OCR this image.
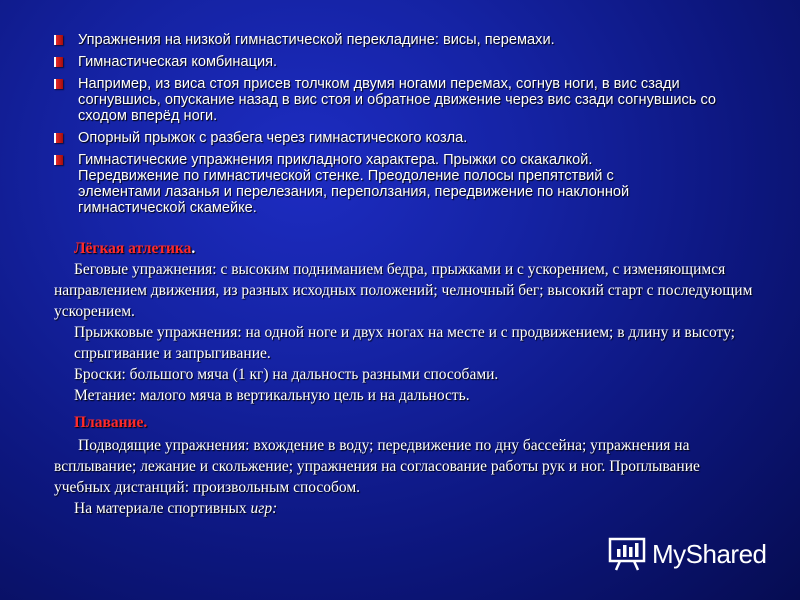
Упражнения на низкой гимнастической перекладине: висы, перемахи.
Гимнастическая комбинация.
Например, из виса стоя присев толчком двумя ногами перемах, согнув ноги, в вис сзади согнувшись, опускание назад в вис стоя и обратное движение через вис сзади согнувшись со сходом вперёд ноги.
Опорный прыжок с разбега через гимнастического козла.
Гимнастические упражнения прикладного характера. Прыжки со скакалкой. Передвижение по гимнастической стенке. Преодоление полосы препятствий с элементами лазанья и перелезания, переползания, передвижение по наклонной гимнастической скамейке.
Лёгкая атлетика.

Беговые упражнения: с высоким подниманием бедра, прыжками и с ускорением, с изменяющимся направлением движения, из разных исходных положений; челночный бег; высокий старт с последующим ускорением.

Прыжковые упражнения: на одной ноге и двух ногах на месте и с продвижением; в длину и высоту; спрыгивание и запрыгивание.

Броски: большого мяча (1 кг) на дальность разными способами.

Метание: малого мяча в вертикальную цель и на дальность.

Плавание.

Подводящие упражнения: вхождение в воду; передвижение по дну бассейна; упражнения на всплывание; лежание и скольжение; упражнения на согласование работы рук и ног. Проплывание учебных дистанций: произвольным способом.

На материале спортивных игр:

MyShared
